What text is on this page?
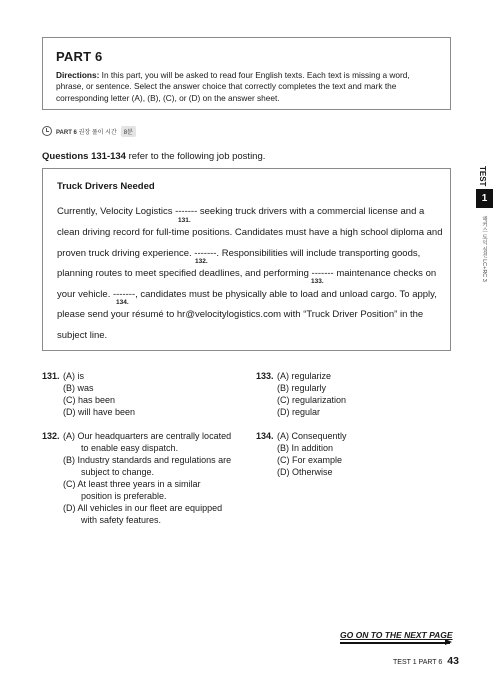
PART 6
Directions: In this part, you will be asked to read four English texts. Each text is missing a word,
phrase, or sentence. Select the answer choice that correctly completes the text and mark the
corresponding letter (A), (B), (C), or (D) on the answer sheet.
PART 6 권장 풀이 시간	8분
Questions 131-134 refer to the following job posting.
Truck Drivers Needed
Currently, Velocity Logistics ------- seeking truck drivers with a commercial license and a
131.
clean driving record for full-time positions. Candidates must have a high school diploma and
proven truck driving experience. -------. Responsibilities will include transporting goods,
132.
planning routes to meet specified deadlines, and performing ------- maintenance checks on
133.
your vehicle. -------, candidates must be physically able to load and unload cargo. To apply,
134.
please send your résumé to hr@velocitylogistics.com with “Truck Driver Position” in the
subject line.
TEST
1
해커스 토익 실전 LC+RC 3
131. (A) is
(B) was
(C) has been
(D) will have been
133. (A) regularize
(B) regularly
(C) regularization
(D) regular
132. (A) Our headquarters are centrally located
to enable easy dispatch.
(B) Industry standards and regulations are
subject to change.
(C) At least three years in a similar
position is preferable.
(D) All vehicles in our fleet are equipped
with safety features.
134. (A) Consequently
(B) In addition
(C) For example
(D) Otherwise
GO ON TO THE NEXT PAGE
TEST 1 PART 6 43
